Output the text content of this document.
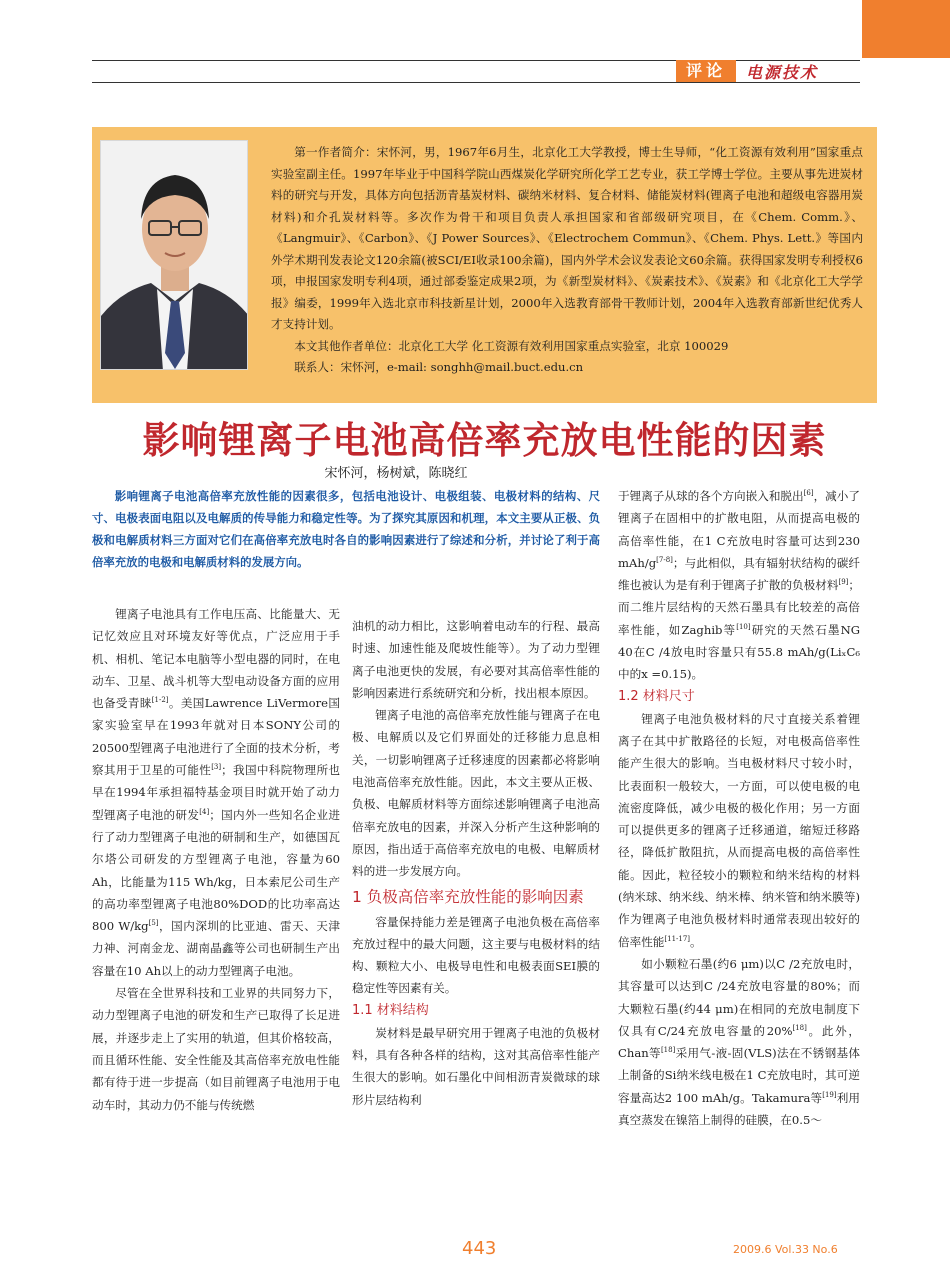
评论	电源技术

第一作者简介：宋怀河，男，1967年6月生，北京化工大学教授，博士生导师，“化工资源有效利用”国家重点实验室副主任。1997年毕业于中国科学院山西煤炭化学研究所化学工艺专业，获工学博士学位。主要从事先进炭材料的研究与开发，具体方向包括沥青基炭材料、碳纳米材料、复合材料、储能炭材料(锂离子电池和超级电容器用炭材料)和介孔炭材料等。多次作为骨干和项目负责人承担国家和省部级研究项目，在《Chem. Comm.》、《Langmuir》、《Carbon》、《J Power Sources》、《Electrochem Commun》、《Chem. Phys. Lett.》等国内外学术期刊发表论文120余篇(被SCI/EI收录100余篇)，国内外学术会议发表论文60余篇。获得国家发明专利授权6项，申报国家发明专利4项，通过部委鉴定成果2项，为《新型炭材料》、《炭素技术》、《炭素》和《北京化工大学学报》编委，1999年入选北京市科技新星计划，2000年入选教育部骨干教师计划，2004年入选教育部新世纪优秀人才支持计划。

本文其他作者单位：北京化工大学 化工资源有效利用国家重点实验室，北京 100029

联系人：宋怀河，e-mail: songhh@mail.buct.edu.cn

影响锂离子电池高倍率充放电性能的因素
宋怀河，杨树斌，陈晓红
影响锂离子电池高倍率充放性能的因素很多，包括电池设计、电极组装、电极材料的结构、尺寸、电极表面电阻以及电解质的传导能力和稳定性等。为了探究其原因和机理，本文主要从正极、负极和电解质材料三方面对它们在高倍率充放电时各自的影响因素进行了综述和分析，并讨论了利于高倍率充放的电极和电解质材料的发展方向。

锂离子电池具有工作电压高、比能量大、无记忆效应且对环境友好等优点，广泛应用于手机、相机、笔记本电脑等小型电器的同时，在电动车、卫星、战斗机等大型电动设备方面的应用也备受青睐[1-2]。美国Lawrence LiVermore国家实验室早在1993年就对日本SONY公司的20500型锂离子电池进行了全面的技术分析，考察其用于卫星的可能性[3]；我国中科院物理所也早在1994年承担福特基金项目时就开始了动力型锂离子电池的研发[4]；国内外一些知名企业进行了动力型锂离子电池的研制和生产，如德国瓦尔塔公司研发的方型锂离子电池，容量为60 Ah，比能量为115 Wh/kg，日本索尼公司生产的高功率型锂离子电池80%DOD的比功率高达800 W/kg[5]，国内深圳的比亚迪、雷天、天津力神、河南金龙、湖南晶鑫等公司也研制生产出容量在10 Ah以上的动力型锂离子电池。

尽管在全世界科技和工业界的共同努力下，动力型锂离子电池的研发和生产已取得了长足进展，并逐步走上了实用的轨道，但其价格较高，而且循环性能、安全性能及其高倍率充放电性能都有待于进一步提高（如目前锂离子电池用于电动车时，其动力仍不能与传统燃

油机的动力相比，这影响着电动车的行程、最高时速、加速性能及爬坡性能等）。为了动力型锂离子电池更快的发展，有必要对其高倍率性能的影响因素进行系统研究和分析，找出根本原因。

锂离子电池的高倍率充放性能与锂离子在电极、电解质以及它们界面处的迁移能力息息相关，一切影响锂离子迁移速度的因素都必将影响电池高倍率充放性能。因此，本文主要从正极、负极、电解质材料等方面综述影响锂离子电池高倍率充放电的因素，并深入分析产生这种影响的原因，指出适于高倍率充放电的电极、电解质材料的进一步发展方向。

1 负极高倍率充放性能的影响因素

容量保持能力差是锂离子电池负极在高倍率充放过程中的最大问题，这主要与电极材料的结构、颗粒大小、电极导电性和电极表面SEI膜的稳定性等因素有关。

1.1 材料结构

炭材料是最早研究用于锂离子电池的负极材料，具有各种各样的结构，这对其高倍率性能产生很大的影响。如石墨化中间相沥青炭微球的球形片层结构利

于锂离子从球的各个方向嵌入和脱出[6]，减小了锂离子在固相中的扩散电阻，从而提高电极的高倍率性能，在1 C充放电时容量可达到230 mAh/g[7-8]；与此相似，具有辐射状结构的碳纤维也被认为是有利于锂离子扩散的负极材料[9]；而二维片层结构的天然石墨具有比较差的高倍率性能，如Zaghib等[10]研究的天然石墨NG 40在C /4放电时容量只有55.8 mAh/g(LiₓC₆中的x =0.15)。

1.2 材料尺寸

锂离子电池负极材料的尺寸直接关系着锂离子在其中扩散路径的长短，对电极高倍率性能产生很大的影响。当电极材料尺寸较小时，比表面积一般较大，一方面，可以使电极的电流密度降低，减少电极的极化作用；另一方面可以提供更多的锂离子迁移通道，缩短迁移路径，降低扩散阻抗，从而提高电极的高倍率性能。因此，粒径较小的颗粒和纳米结构的材料(纳米球、纳米线、纳米棒、纳米管和纳米膜等) 作为锂离子电池负极材料时通常表现出较好的倍率性能[11-17]。

如小颗粒石墨(约6 μm)以C /2充放电时，其容量可以达到C /24充放电容量的80%；而大颗粒石墨(约44 μm)在相同的充放电制度下仅具有C/24充放电容量的20%[18]。此外，Chan等[18]采用气-液-固(VLS)法在不锈钢基体上制备的Si纳米线电极在1 C充放电时，其可逆容量高达2 100 mAh/g。Takamura等[19]利用真空蒸发在镍箔上制得的硅膜，在0.5～

443	2009.6 Vol.33 No.6
